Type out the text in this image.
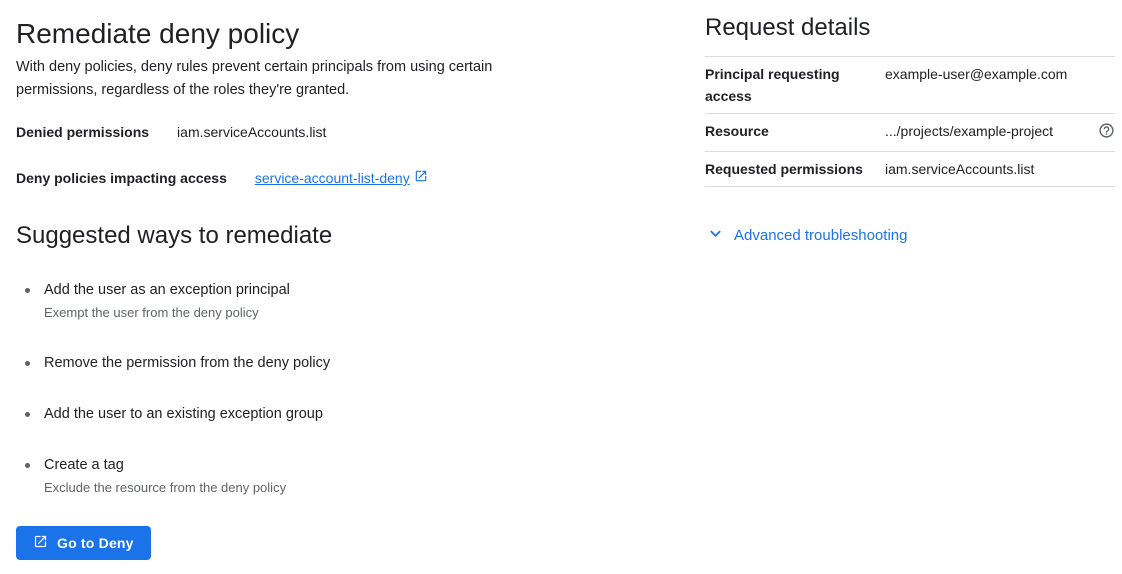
Remediate deny policy

With deny policies, deny rules prevent certain principals from using certain permissions, regardless of the roles they're granted.

Denied permissions iam.serviceAccounts.list
Deny policies impacting access service-account-list-deny
Suggested ways to remediate
Add the user as an exception principal
Exempt the user from the deny policy
Remove the permission from the deny policy
Add the user to an existing exception group
Create a tag
Exclude the resource from the deny policy
Go to Deny
Request details
Principal requesting access
example-user@example.com
Resource	.../projects/example-project
Requested permissions	iam.serviceAccounts.list
Advanced troubleshooting
